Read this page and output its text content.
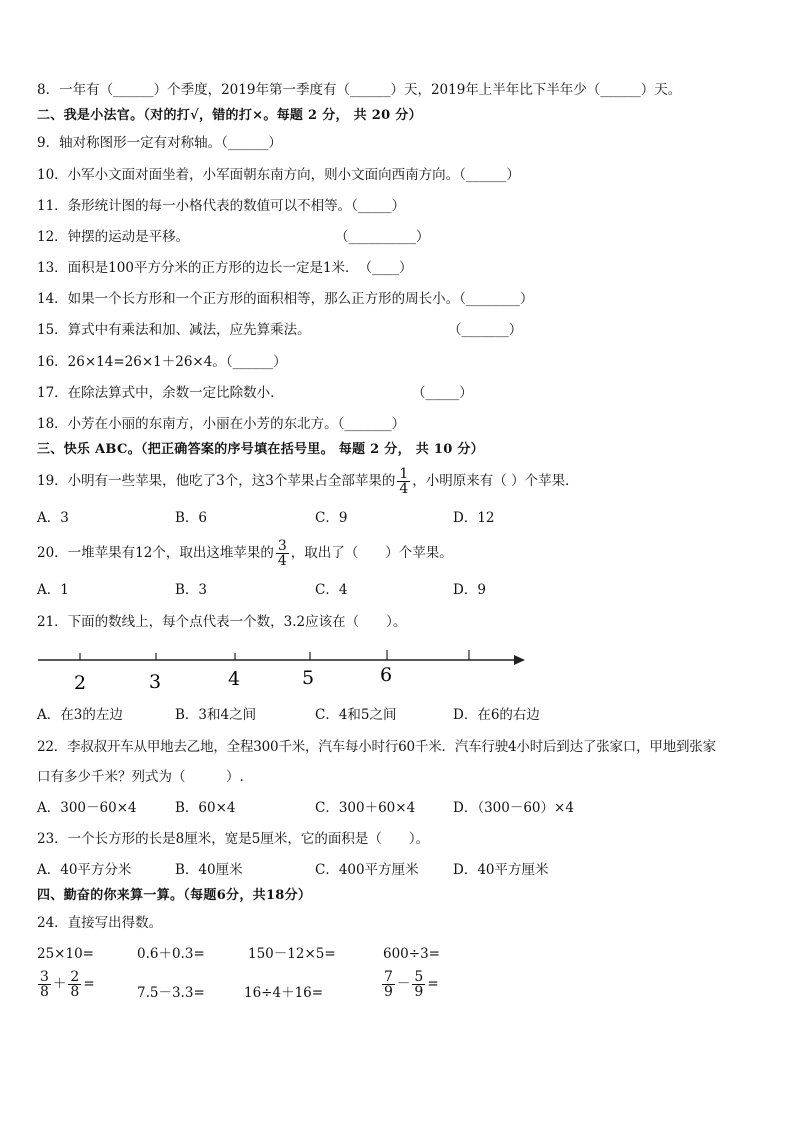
8．一年有（______）个季度，2019年第一季度有（______）天，2019年上半年比下半年少（______）天。
二、我是小法官。（对的打√，错的打×。每题 2 分， 共 20 分）
9．轴对称图形一定有对称轴。（______）
10．小军小文面对面坐着，小军面朝东南方向，则小文面向西南方向。（______）
11．条形统计图的每一小格代表的数值可以不相等。（_____）
12．钟摆的运动是平移。	（__________）
13．面积是100平方分米的正方形的边长一定是1米．　（____）
14．如果一个长方形和一个正方形的面积相等，那么正方形的周长小。（________）
15．算式中有乘法和加、减法，应先算乘法。	（_______）
16．26×14=26×1＋26×4。（______）
17．在除法算式中，余数一定比除数小．	（_____）
18．小芳在小丽的东南方，小丽在小芳的东北方。（_______）
三、快乐 ABC。（把正确答案的序号填在括号里。 每题 2 分， 共 10 分）
19．小明有一些苹果，他吃了3个，这3个苹果占全部苹果的 $\frac{1}{4}$ ，小明原来有（ ）个苹果．
A．3	B．6	C．9	D．12
20．一堆苹果有12个，取出这堆苹果的 $\frac{3}{4}$ ，取出了（　　）个苹果。
A．1	B．3	C．4	D．9
21．下面的数线上，每个点代表一个数，3.2应该在（　　）。
2	3	4	5	6
A．在3的左边	B．3和4之间	C．4和5之间	D．在6的右边
22．李叔叔开车从甲地去乙地，全程300千米，汽车每小时行60千米．汽车行驶4小时后到达了张家口，甲地到张家
口有多少千米？列式为（　　　）.
A．300－60×4	B．60×4	C．300＋60×4	D．（300－60）×4
23．一个长方形的长是8厘米，宽是5厘米，它的面积是（　　）。
A．40平方分米	B．40厘米	C．400平方厘米	D．40平方厘米
四、勤奋的你来算一算。（每题6分，共18分）
24．直接写出得数。
25×10=	0.6＋0.3=	150－12×5=	600÷3=
$\frac{3}{8} + \frac{2}{8}$ =
7.5－3.3=	16÷4＋16=	$\frac{7}{9} - \frac{5}{9}$ =
